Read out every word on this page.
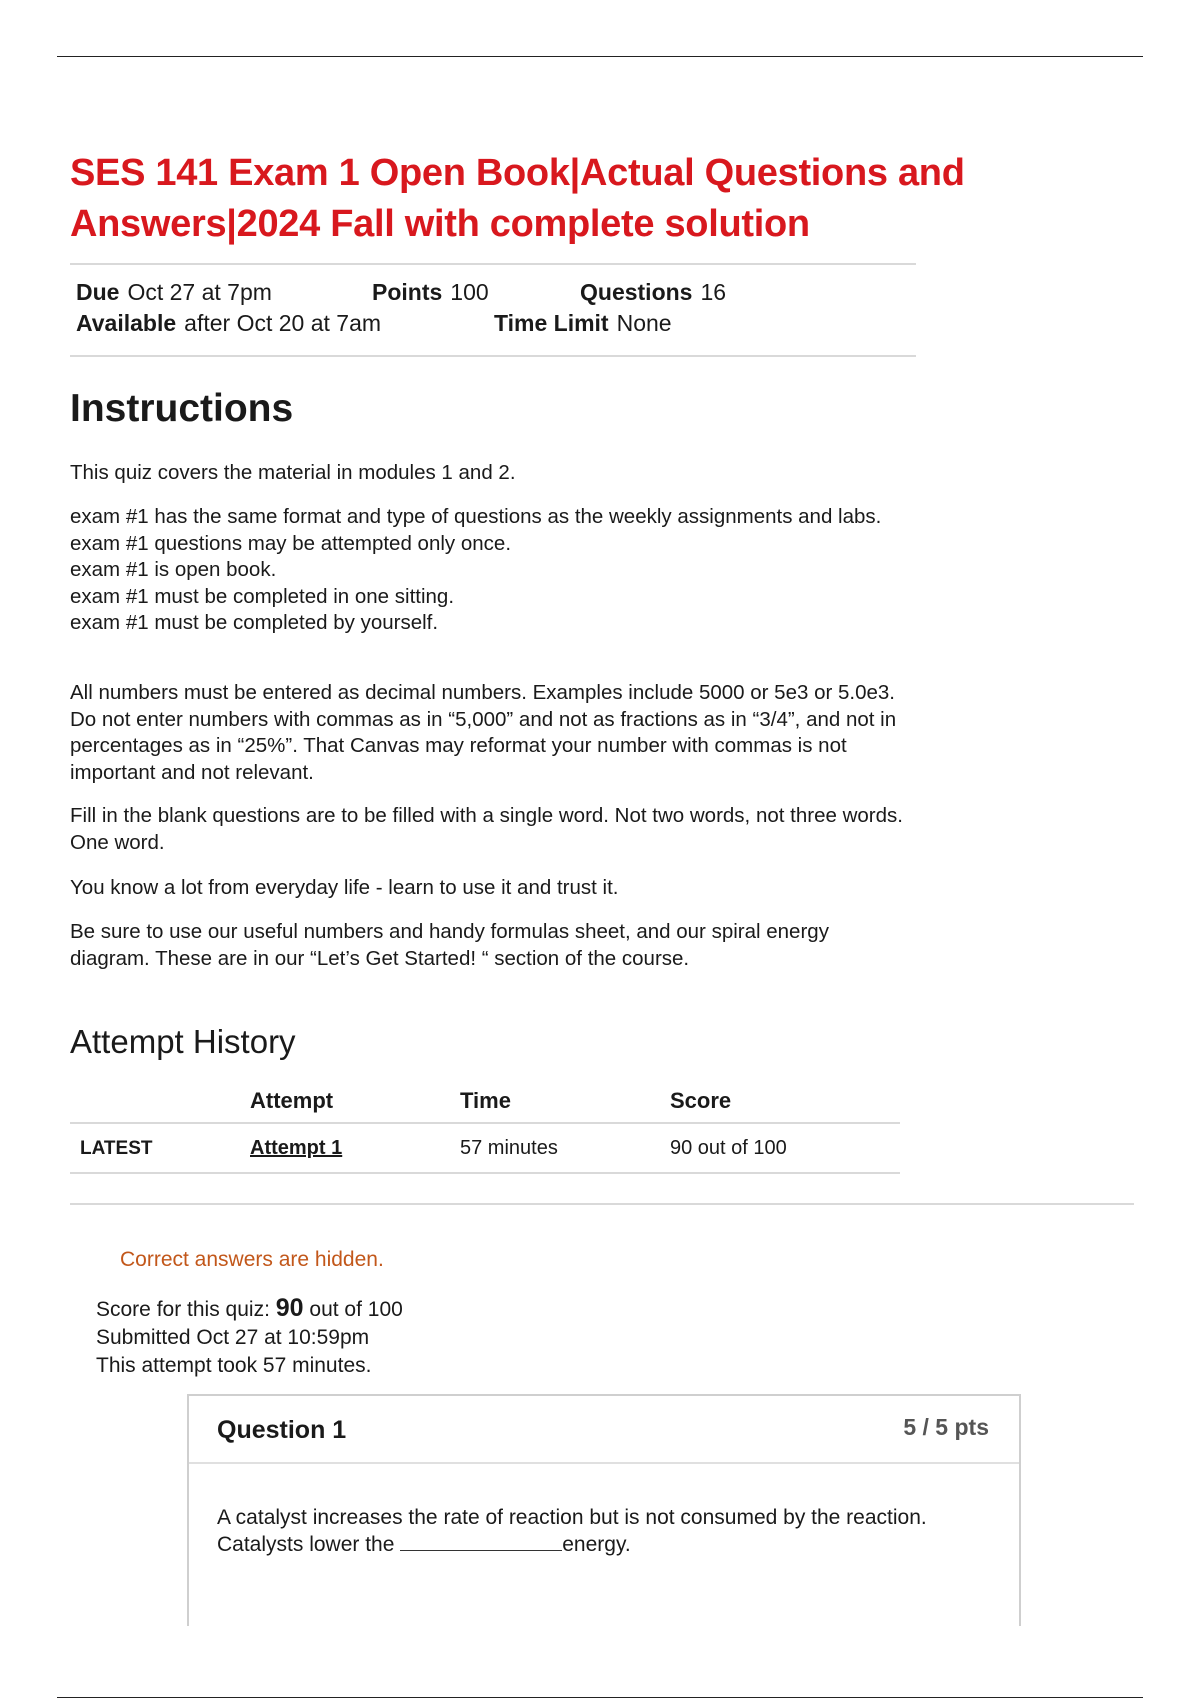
SES 141 Exam 1 Open Book|Actual Questions and Answers|2024 Fall with complete solution
Due Oct 27 at 7pm	Points 100	Questions 16
Available after Oct 20 at 7am	Time Limit None
Instructions

This quiz covers the material in modules 1 and 2.

exam #1 has the same format and type of questions as the weekly assignments and labs.
exam #1 questions may be attempted only once.
exam #1 is open book.
exam #1 must be completed in one sitting.
exam #1 must be completed by yourself.

All numbers must be entered as decimal numbers. Examples include 5000 or 5e3 or 5.0e3. Do not enter numbers with commas as in “5,000” and not as fractions as in “3/4”, and not in percentages as in “25%”. That Canvas may reformat your number with commas is not important and not relevant.

Fill in the blank questions are to be filled with a single word. Not two words, not three words. One word.

You know a lot from everyday life - learn to use it and trust it.

Be sure to use our useful numbers and handy formulas sheet, and our spiral energy diagram. These are in our “Let’s Get Started! “ section of the course.

Attempt History
	Attempt	Time	Score
LATEST	Attempt 1	57 minutes	90 out of 100
Correct answers are hidden.
Score for this quiz: 90 out of 100
Submitted Oct 27 at 10:59pm
This attempt took 57 minutes.
Question 1	5 / 5 pts
A catalyst increases the rate of reaction but is not consumed by the reaction. Catalysts lower the	energy.
